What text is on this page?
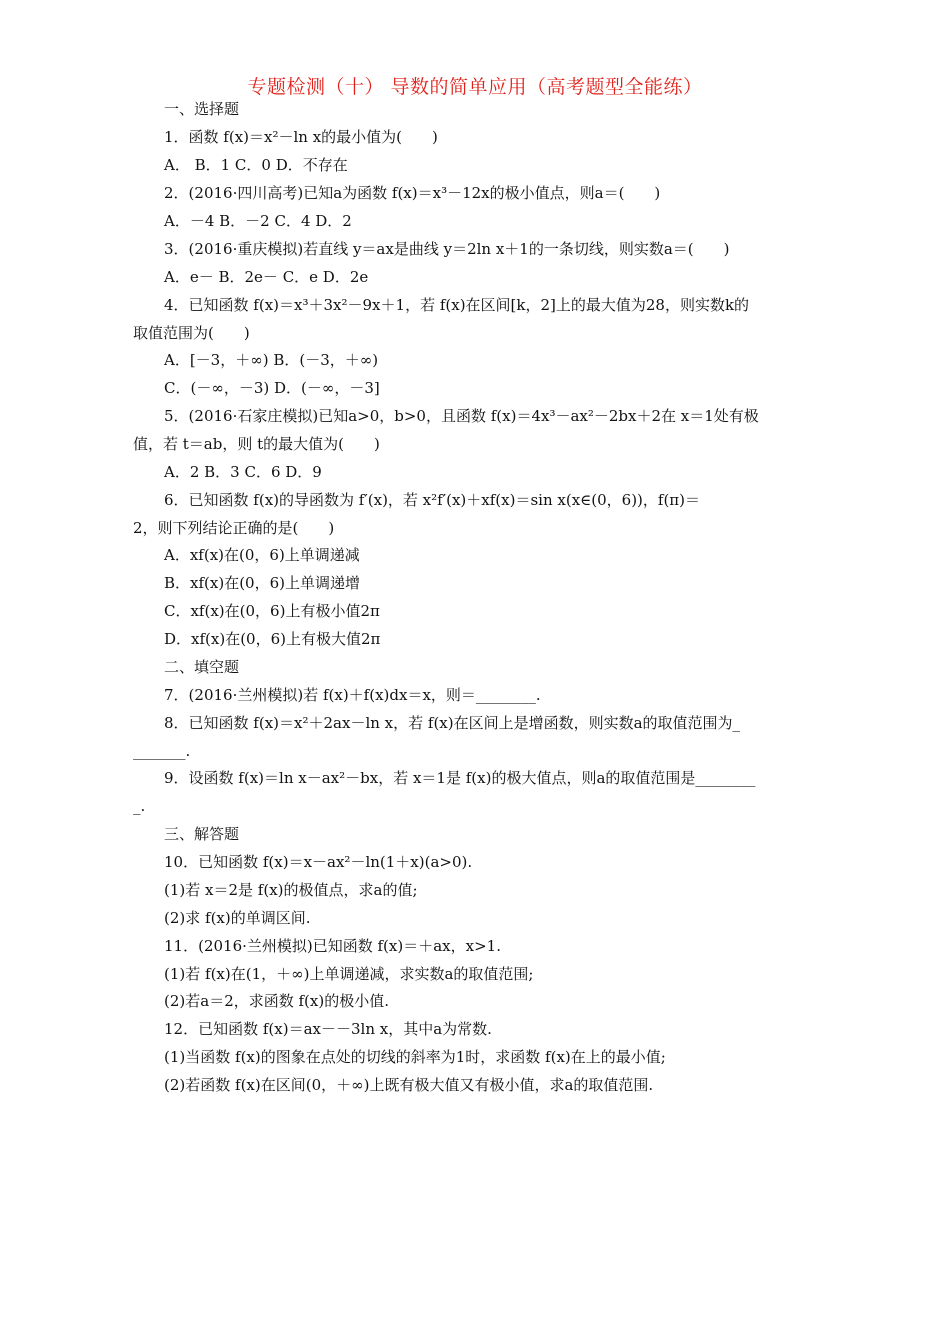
专题检测（十） 导数的简单应用（高考题型全能练）
一、选择题
1．函数 f(x)＝x²－ln x的最小值为(　　)
A． B．1 C．0 D．不存在
2．(2016·四川高考)已知a为函数 f(x)＝x³－12x的极小值点，则a＝(　　)
A．－4 B．－2 C．4 D．2
3．(2016·重庆模拟)若直线 y＝ax是曲线 y＝2ln x＋1的一条切线，则实数a＝(　　)
A．e－ B．2e－ C．e D．2e
4．已知函数 f(x)＝x³＋3x²－9x＋1，若 f(x)在区间[k，2]上的最大值为28，则实数k的
取值范围为(　　)
A．[－3，＋∞) B．(－3，＋∞)
C．(－∞，－3) D．(－∞，－3]
5．(2016·石家庄模拟)已知a>0，b>0，且函数 f(x)＝4x³－ax²－2bx＋2在 x＝1处有极
值，若 t＝ab，则 t的最大值为(　　)
A．2 B．3 C．6 D．9
6．已知函数 f(x)的导函数为 f′(x)，若 x²f′(x)＋xf(x)＝sin x(x∈(0，6))，f(π)＝
2，则下列结论正确的是(　　)
A．xf(x)在(0，6)上单调递减
B．xf(x)在(0，6)上单调递增
C．xf(x)在(0，6)上有极小值2π
D．xf(x)在(0，6)上有极大值2π
二、填空题
7．(2016·兰州模拟)若 f(x)＋f(x)dx＝x，则＝________.
8．已知函数 f(x)＝x²＋2ax－ln x，若 f(x)在区间上是增函数，则实数a的取值范围为_
_______.
9．设函数 f(x)＝ln x－ax²－bx，若 x＝1是 f(x)的极大值点，则a的取值范围是________
_.
三、解答题
10．已知函数 f(x)＝x－ax²－ln(1＋x)(a>0).
(1)若 x＝2是 f(x)的极值点，求a的值;
(2)求 f(x)的单调区间.
11．(2016·兰州模拟)已知函数 f(x)＝＋ax，x>1.
(1)若 f(x)在(1，＋∞)上单调递减，求实数a的取值范围;
(2)若a＝2，求函数 f(x)的极小值.
12．已知函数 f(x)＝ax－－3ln x，其中a为常数.
(1)当函数 f(x)的图象在点处的切线的斜率为1时，求函数 f(x)在上的最小值;
(2)若函数 f(x)在区间(0，＋∞)上既有极大值又有极小值，求a的取值范围.
